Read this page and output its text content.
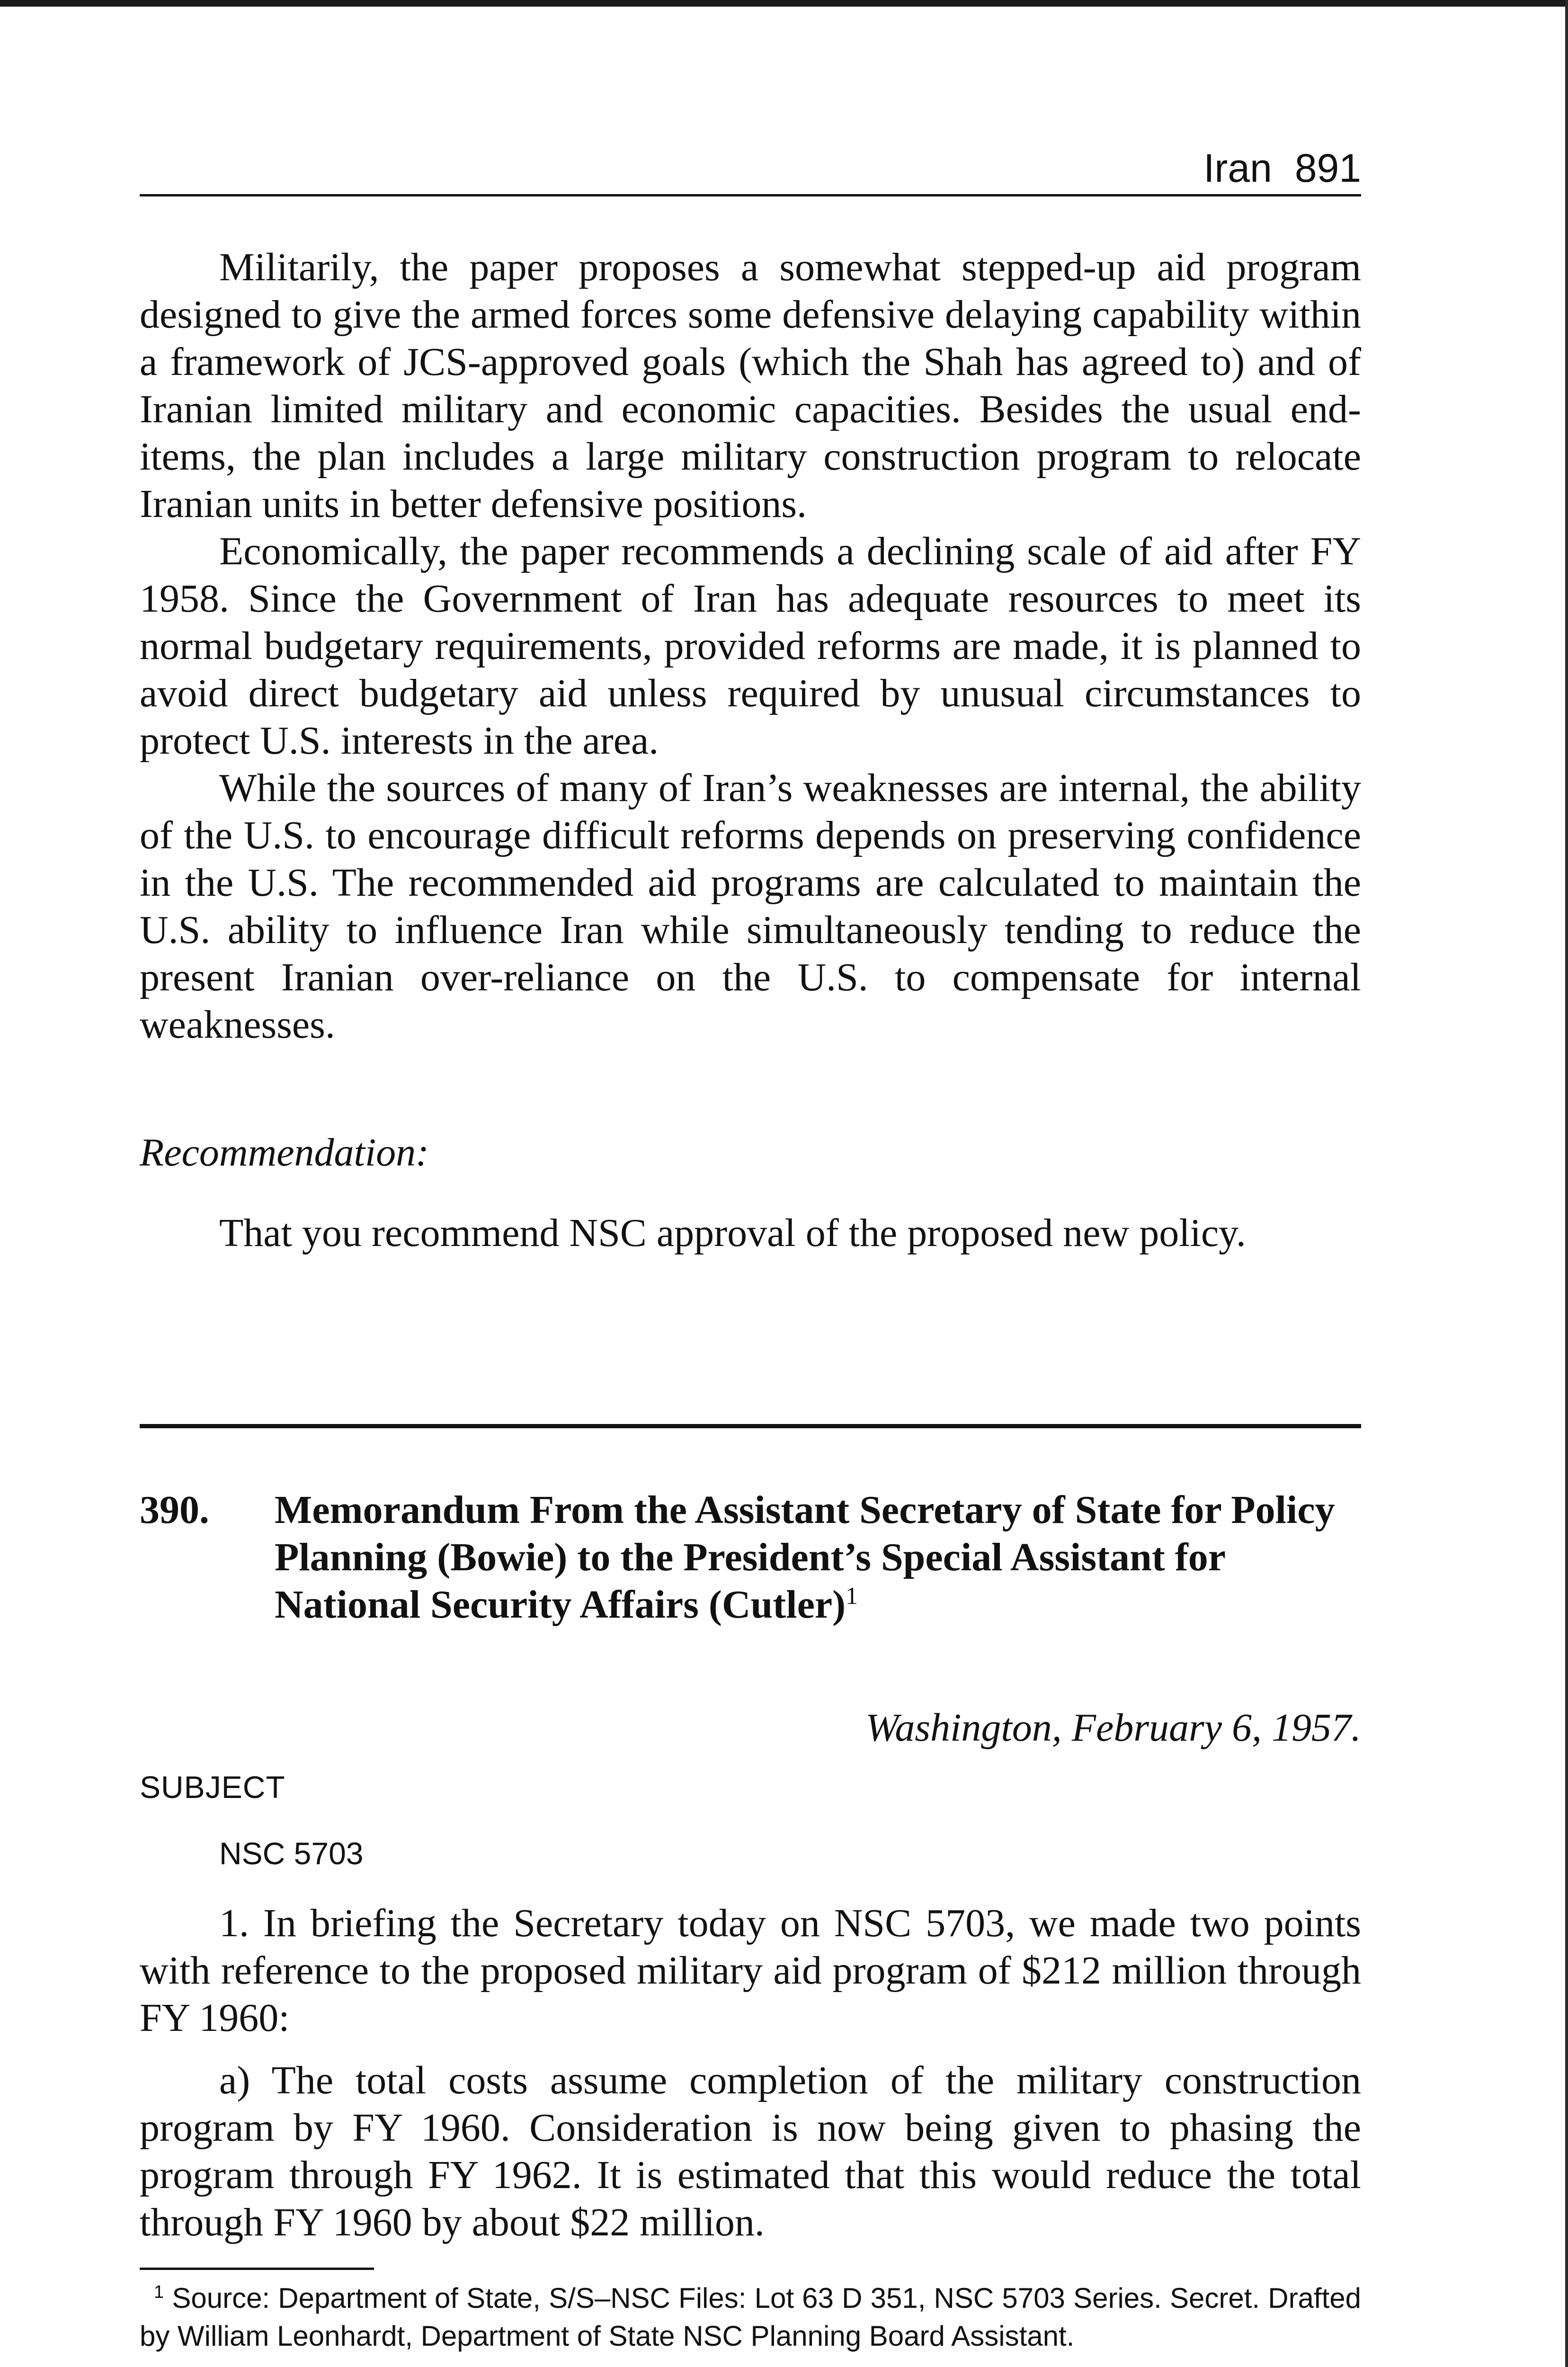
Iran 891

Militarily, the paper proposes a somewhat stepped-up aid program designed to give the armed forces some defensive delaying capability within a framework of JCS-approved goals (which the Shah has agreed to) and of Iranian limited military and economic capacities. Besides the usual end-items, the plan includes a large military construction program to relocate Iranian units in better defensive positions.

Economically, the paper recommends a declining scale of aid after FY 1958. Since the Government of Iran has adequate resources to meet its normal budgetary requirements, provided reforms are made, it is planned to avoid direct budgetary aid unless required by unusual circumstances to protect U.S. interests in the area.

While the sources of many of Iran’s weaknesses are internal, the ability of the U.S. to encourage difficult reforms depends on preserving confidence in the U.S. The recommended aid programs are calculated to maintain the U.S. ability to influence Iran while simultaneously tending to reduce the present Iranian over-reliance on the U.S. to compensate for internal weaknesses.

Recommendation:
That you recommend NSC approval of the proposed new policy.
390. Memorandum From the Assistant Secretary of State for Policy Planning (Bowie) to the President’s Special Assistant for National Security Affairs (Cutler)$^1$
Washington, February 6, 1957.
SUBJECT
NSC 5703

1. In briefing the Secretary today on NSC 5703, we made two points with reference to the proposed military aid program of $212 million through FY 1960:

a) The total costs assume completion of the military construction program by FY 1960. Consideration is now being given to phasing the program through FY 1962. It is estimated that this would reduce the total through FY 1960 by about $22 million.

$^1$ Source: Department of State, S/S–NSC Files: Lot 63 D 351, NSC 5703 Series. Secret. Drafted by William Leonhardt, Department of State NSC Planning Board Assistant.
